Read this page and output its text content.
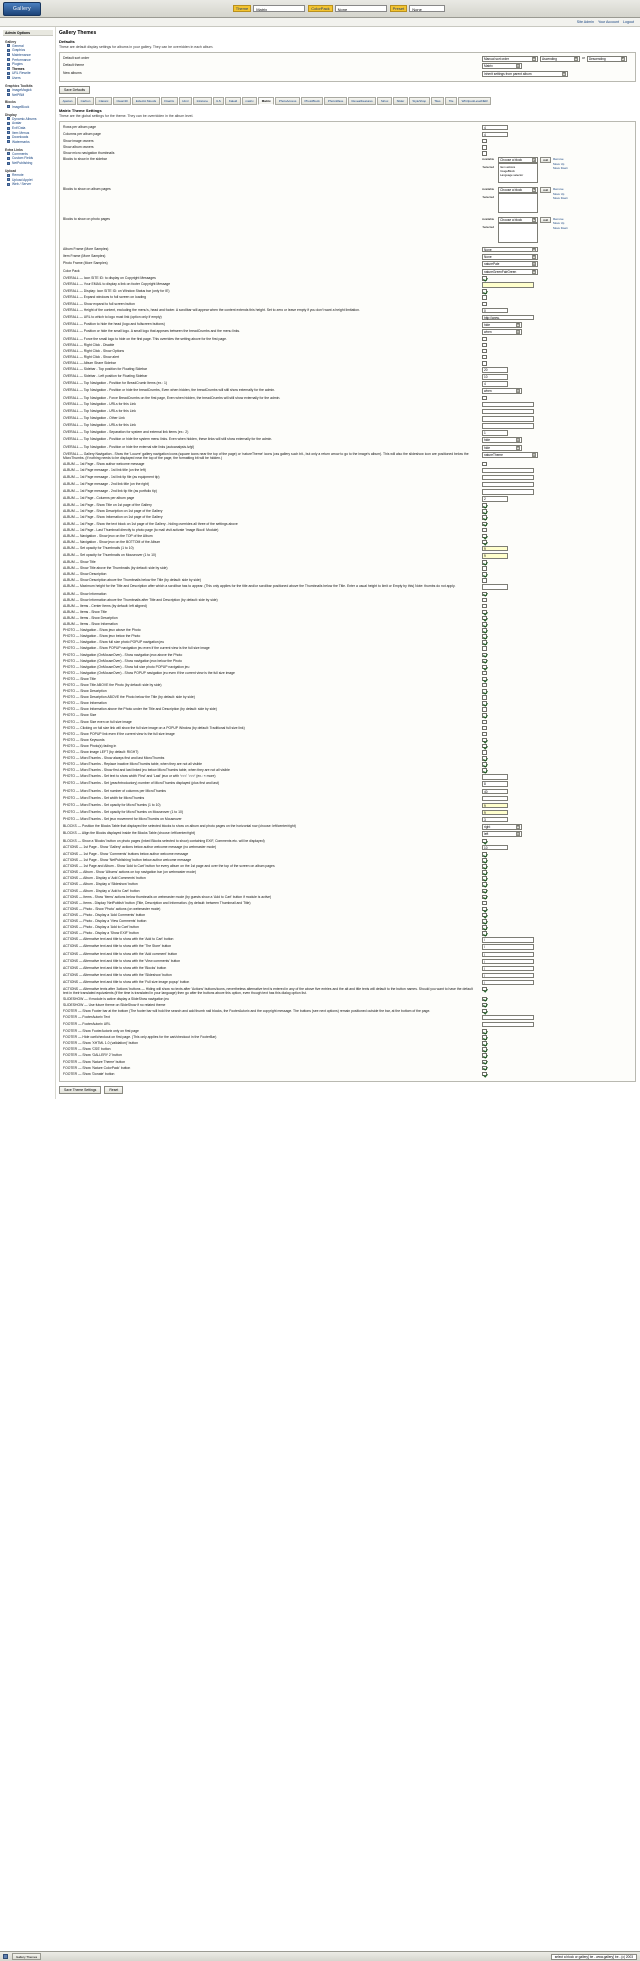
Gallery	Theme	Matrix	ColorPack	None	Preset	None
Site Admin Your Account Logout
Admin Options
Gallery
General
Graphics
Maintenance
Performance
Plugins
Themes
URL Rewrite
Users
Graphics Toolkits
ImageMagick
NetPBM
Blocks
ImageBlock
Display
Dynamic Albums
Avatar
Exif Data
Item Menus
Downloads
Watermarks
Extra Links
Comments
Custom Fields
NetPublishing
Upload
Remote
Upload Applet
Web / Server
Gallery Themes
Defaults
These are default display settings for albums in your gallery. They can be overridden in each album.
Default sort order	Manual sort order	▾	Ascending	▾	or Descending	▾
Default theme	Matrix	▾
New albums	Inherit settings from parent album	▾
Save Defaults
Ajaxian	Carbon	Classic	Clean30	Eclectic Moods	Floatrix	Html	Inkstone	ILS	Kaleid	matrix	Matrix	PhotoAccess	PhotoBlock	PhotoWave	RevealFeatures	Siriux	Slider	StyleShop	Tiles	Tile	WhirlpoolLevelNER
Matrix Theme Settings
These are the global settings for the theme. They can be overridden in the album level.
Rows per album page	4
Columns per album page	4
Show image owners
Show album owners
Show micro navigation thumbnails
Blocks to show in the sidebar	Available
Selected
Choose a block	▾
Item actions
ImageBlock
Language selector
Add	Remove
Move Up
Move Down
Blocks to show on album pages	Available
Selected
Choose a block	▾	Add	Remove
Move Up
Move Down
Blocks to show on photo pages	Available
Selected
Choose a block	▾	Add	Remove
Move Up
Move Down
Album Frame (More Samples)	None	▾
Item Frame (More Samples)	None	▾
Photo Frame (More Samples)	naturePale	▾
Color Pack	natureGreenFairGreen	▾
OVERALL — Icon SITE ID: to display on Copyright Messages
OVERALL — Your EMAIL to display a link on footer Copyright Message
OVERALL — Display: Icon SITE ID: on Window Status bar (only for IE)
OVERALL — Expand windows to full screen on loading
OVERALL — Show expand to full screen button
OVERALL — Height of the content, excluding the menu's, head and footer. A scrollbar will appear when the content extends this height. Set to zero or leave empty if you don't want a height limitation.	0
OVERALL — URL to which to logo must link (option only if empty)	http://www.
OVERALL — Position to hide the head (logo and fullscreen buttons)	hide	▾
OVERALL — Position or hide the small logo. A small logo that appears between the breadCrumbs and the menu links.	when	▾
OVERALL — Force the small logo to hide on the first page. This overrides the setting above for the first page.
OVERALL — Right Click - Disable
OVERALL — Right Click - Show Options
OVERALL — Right Click - Show alert
OVERALL — Album Share Sidebar
OVERALL — Sidebar - Top position for Floating Sidebar	20
OVERALL — Sidebar - Left position for Floating Sidebar	10
OVERALL — Top Navigation - Position for BreadCrumb Items (ex.: 1)	4
OVERALL — Top Navigation - Position or hide the breadCrumbs, Even when hidden, the breadCrumbs will still show externally for the admin.	when	▾
OVERALL — Top Navigation - Force BreadCrumbs on the first page, Even when hidden, the breadCrumbs will still show externally for the admin.
OVERALL — Top Navigation - URLs for this Link
OVERALL — Top Navigation - URLs for this Link
OVERALL — Top Navigation - Other Link
OVERALL — Top Navigation - URLs for this Link
OVERALL — Top Navigation - Separation for system and external link items (ex.: 2)	1
OVERALL — Top Navigation - Position or hide the system menu links. Even when hidden, these links will still show externally for the admin.	hide	▾
OVERALL — Top Navigation - Position or hide the external site links (autoanalysis.lv/gl)	hide	▾
OVERALL — Gallery Navigation - Show the 'Louvre' gallery navigation icons (square icons near the top of the page) or 'natureTheme' icons (css gallery such bit., but only a return arrow to go to the image's album). This will also the slideshow icon are positioned below the MicroThumbs. (If nothing needs to be displayed near the top of the page, the formatting bit will be hidden.)
natureTheme	▾
ALBUM — 1st Page - Show author welcome message
ALBUM — 1st Page message - 1st link title (on the left)
ALBUM — 1st Page message - 1st link tip file (as equipment tip)
ALBUM — 1st Page message - 2nd link title (on the right)
ALBUM — 1st Page message - 2nd link tip file (as portfolio tip)
ALBUM — 1st Page - Columns per album page	2
ALBUM — 1st Page - Show Title on 1st page of the Gallery
ALBUM — 1st Page - Show Description on 1st page of the Gallery
ALBUM — 1st Page - Show Information on 1st page of the Gallery
ALBUM — 1st Page - Show the text block on 1st page of the Gallery - hiding overrides all three of the settings above
ALBUM — 1st Page - Last Thumbnail directly to photo page (to mail visit activate 'Image Block' Module)
ALBUM — Navigation - Show jeux on the TOP of the Album
ALBUM — Navigation - Show jeux on the BOTTOM of the Album
ALBUM — Set opacity for Thumbnails (1 to 10)	9
ALBUM — Set opacity for Thumbnails on Mouseover (1 to 10)	9
ALBUM — Show Title
ALBUM — Show Title above the Thumbnails (by default: side by side)
ALBUM — Show Description
ALBUM — Show Description above the Thumbnails below the Title (by default: side by side)
ALBUM — Maximum height for the Title and Description after which a scrollbar has to appear. (This only applies for the title and/or scrollbar positioned above the Thumbnails below the Title. Enter a usual height to limit or Empty by this) Note: thumbs do not apply.
ALBUM — Show Information
ALBUM — Show Information above the Thumbnails after Title and Description (by default: side by side)
ALBUM — Items - Center Items (by default: left aligned)
ALBUM — Items - Show Title
ALBUM — Items - Show Description
ALBUM — Items - Show Information
PHOTO — Navigation - Show jeux above the Photo
PHOTO — Navigation - Show jeux below the Photo
PHOTO — Navigation - Show full size photo POPUP navigation jeu
PHOTO — Navigation - Show POPUP navigation jeu even if the current view is the full size image
PHOTO — Navigation (OnMouseOver) - Show navigation jeux above the Photo
PHOTO — Navigation (OnMouseOver) - Show navigation jeux below the Photo
PHOTO — Navigation (OnMouseOver) - Show full size photo POPUP navigation jeu
PHOTO — Navigation (OnMouseOver) - Show POPUP navigation jeu even if the current view is the full size image
PHOTO — Show Title
PHOTO — Show Title ABOVE the Photo (by default: side by side)
PHOTO — Show Description
PHOTO — Show Description ABOVE the Photo below the Title (by default: side by side)
PHOTO — Show Information
PHOTO — Show Information above the Photo under the Title and Description (by default: side by side)
PHOTO — Show Size
PHOTO — Show Size even on full size image
PHOTO — Clicking on full size link will show the full size image on a POPUP Window (by default: Traditional full size link)
PHOTO — Show POPUP link even if the current view is the full size image
PHOTO — Show Keywords
PHOTO — Show Photo(s) fading in
PHOTO — Show image LEFT (by default: RIGHT)
PHOTO — MicroThumbs - Show always first and last MicroThumbs
PHOTO — MicroThumbs - Replace inactive MicroThumbs table, when they are not all visible
PHOTO — MicroThumbs - Show first and last linked jeu below MicroThumbs table, when they are not all visible
PHOTO — MicroThumbs - Set text to show width 'First' and 'Last' jeux or with '<<<' '>>>' (ex.: « more)
PHOTO — MicroThumbs - Set (year/introductory) number of MicroThumbs displayed (plus first and last)	8
PHOTO — MicroThumbs - Set number of columns per MicroThumbs	40
PHOTO — MicroThumbs - Set width for MicroThumbs
PHOTO — MicroThumbs - Set opacity for MicroThumbs (1 to 10)	9
PHOTO — MicroThumbs - Set opacity for MicroThumbs on Mouseover (1 to 10)	9
PHOTO — MicroThumbs - Set jeux movement for MicroThumbs on Mouseover	3
BLOCKS — Position the Blocks Table that displayed the selected blocks to show on album and photo pages on the horizontal row (choose: left/center/right)	right	▾
BLOCKS — Align the Blocks displayed inside the Blocks Table (choose: left/center/right)	left	▾
BLOCKS — Show a 'Blocks' button on photo pages (inked Blocks selected to show) containing EXIF, Comments etc. will be displayed)
ACTIONS — 1st Page - Show 'Gallery' actions below author welcome message (no webmaster mode)	10
ACTIONS — 1st Page - Show 'Comments' buttons below author welcome message
ACTIONS — 1st Page - Show 'NetPublishing' button below author welcome message
ACTIONS — 1st Page and Album - Show 'Add to Cart' button for every album on the 1st page and over the top of the screen on album pages
ACTIONS — Album - Show 'Albums' actions on top navigation bar (on webmaster mode)
ACTIONS — Album - Display a 'Add Comments' button
ACTIONS — Album - Display a 'Slideshow' button
ACTIONS — Album - Display a 'Add to Cart' button
ACTIONS — Items - Show 'Items' actions below thumbnails on webmaster mode (by guests show a 'Add to Cart' button if module is active)
ACTIONS — Items - Display 'NetPublish' button (Title, Description and Information. (by default: between Thumbnail and Title)
ACTIONS — Photo - Show 'Photo' actions (on webmaster mode)
ACTIONS — Photo - Display a 'Add Comments' button
ACTIONS — Photo - Display a 'View Comments' button
ACTIONS — Photo - Display a 'Add to Cart' button
ACTIONS — Photo - Display a 'Show EXIF' button
ACTIONS — Alternative text and title to show with the 'Add to Cart' button	/
ACTIONS — Alternative text and title to show with the 'The Store' button	/
ACTIONS — Alternative text and title to show with the 'Add comment' button	/
ACTIONS — Alternative text and title to show with the 'View comments' button	/
ACTIONS — Alternative text and title to show with the 'Blocks' button	/
ACTIONS — Alternative text and title to show with the 'Slideshow' button	/
ACTIONS — Alternative text and title to show with the 'Full size image popup' button	/
ACTIONS — Alternative texts after 'Actions' buttons — Hiding will show no texts after 'Actions' buttons/icons, nevertheless alternative text is entered in any of the above five entries and the alt and title texts will default to the button names. Should you want to have the default text in their translated equivalents (if the time is translated in your language) then go after the buttons above this option, even though text has this dialog option list.
SLIDESHOW — If module is active display a SlideShow navigation jeu
SLIDESHOW — Use future theme on SlideShow if no related theme
FOOTER — Show Footer bar at the bottom (The footer bar will hold the search and add thumb nail blocks, the FooterAutorix and the copyright message. The buttons (see next options) remain positioned outside the bar, at the bottom of the page.
FOOTER — FooterAutorix Text
FOOTER — FooterAutorix URL
FOOTER — Show FooterAutorix only on first page
FOOTER — Hide cart/checkout on first page. (This only applies for the cart/checkout in the FooterBar)
FOOTER — Show 'XHTML 1.0 (validation)' button
FOOTER — Show 'CSS' button
FOOTER — Show 'GALLERY 2' button
FOOTER — Show 'Nature Theme' button
FOOTER — Show 'Nature ColorPack' button
FOOTER — Show 'Donate' button
Save Theme Settings	Reset
Gallery Themes	select a block or gallery] be - www.gallery] be - (c) 2003
